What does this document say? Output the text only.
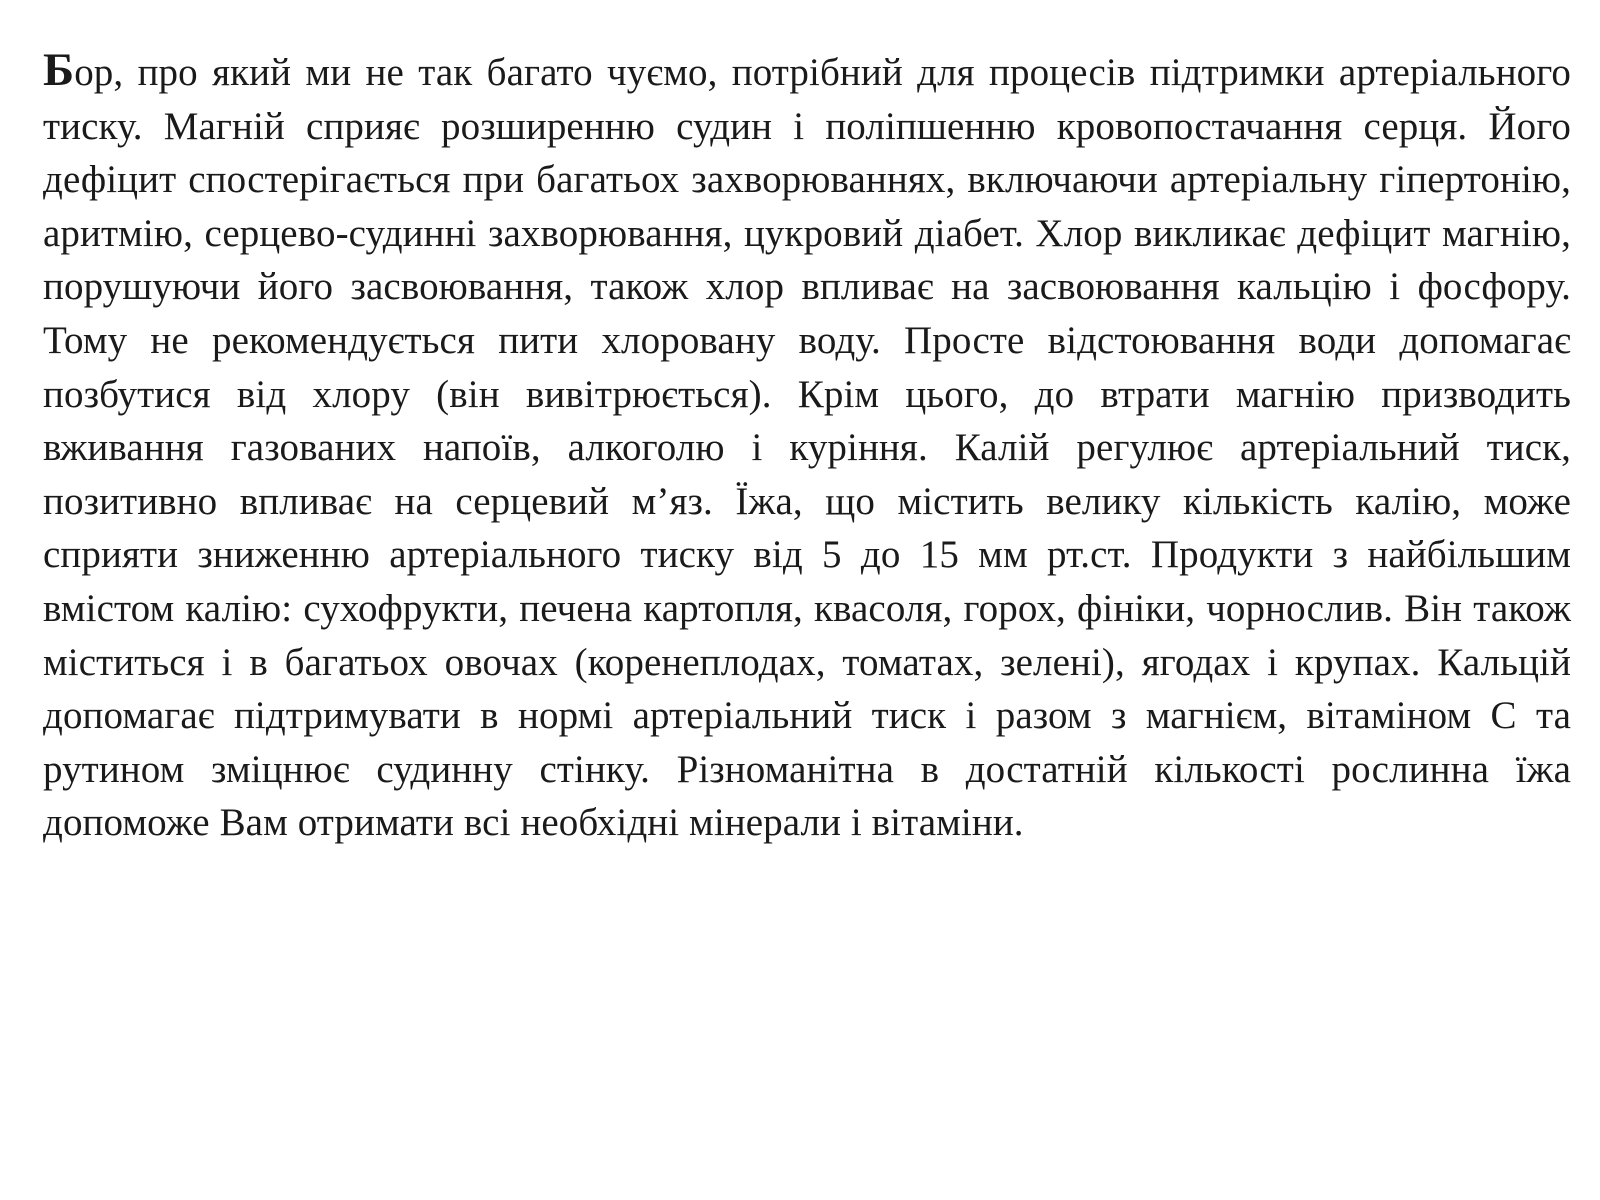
Бор, про який ми не так багато чуємо, потрібний для процесів підтримки артеріального тиску. Магній сприяє розширенню судин і поліпшенню кровопостачання серця. Його дефіцит спостерігається при багатьох захворюваннях, включаючи артеріальну гіпертонію, аритмію, серцево-судинні захворювання, цукровий діабет. Хлор викликає дефіцит магнію, порушуючи його засвоювання, також хлор впливає на засвоювання кальцію і фосфору. Тому не рекомендується пити хлоровану воду. Просте відстоювання води допомагає позбутися від хлору (він вивітрюється). Крім цього, до втрати магнію призводить вживання газованих напоїв, алкоголю і куріння. Калій регулює артеріальний тиск, позитивно впливає на серцевий м’яз. Їжа, що містить велику кількість калію, може сприяти зниженню артеріального тиску від 5 до 15 мм рт.ст. Продукти з найбільшим вмістом калію: сухофрукти, печена картопля, квасоля, горох, фініки, чорнослив. Він також міститься і в багатьох овочах (коренеплодах, томатах, зелені), ягодах і крупах. Кальцій допомагає підтримувати в нормі артеріальний тиск і разом з магнієм, вітаміном С та рутином зміцнює судинну стінку. Різноманітна в достатній кількості рослинна їжа допоможе Вам отримати всі необхідні мінерали і вітаміни.
